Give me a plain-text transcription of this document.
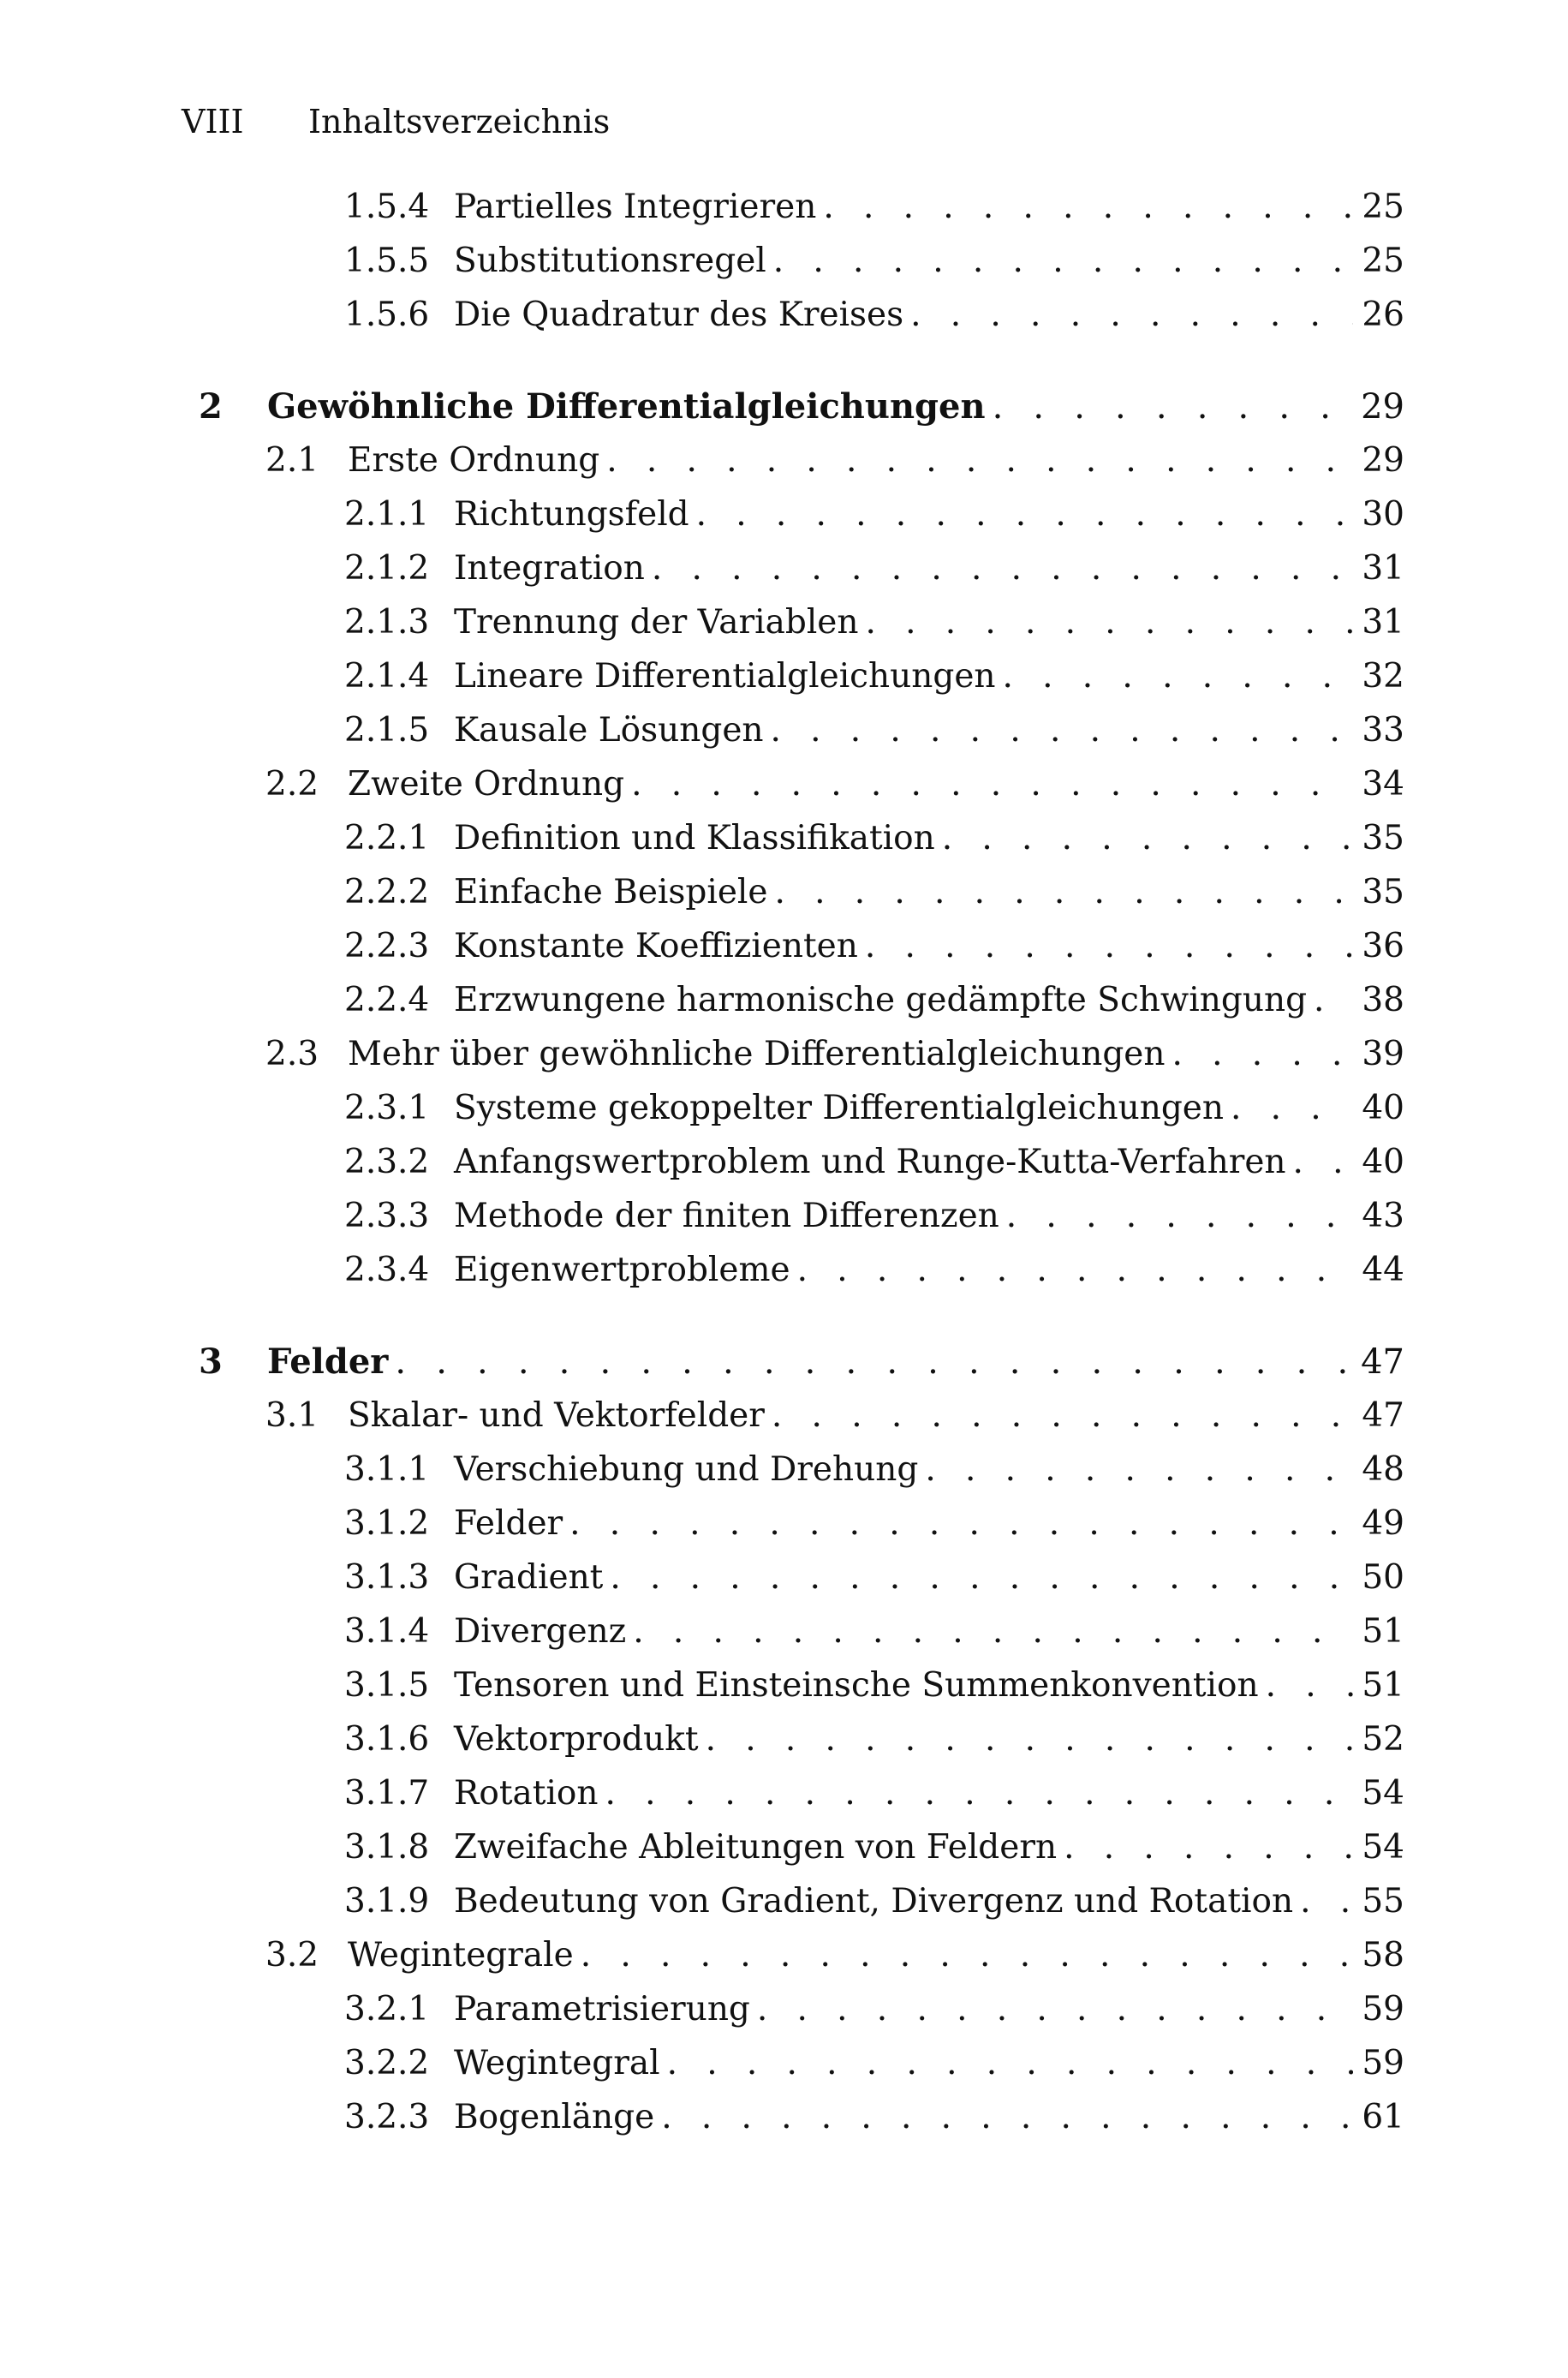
VIII Inhaltsverzeichnis
1.5.4 Partielles Integrieren . . .	25
1.5.5 Substitutionsregel . . .	25
1.5.6 Die Quadratur des Kreises . . .	26
2	Gewöhnliche Differentialgleichungen . . .	29
2.1 Erste Ordnung . . .	29
2.1.1 Richtungsfeld . . .	30
2.1.2 Integration . . .	31
2.1.3 Trennung der Variablen . . .	31
2.1.4 Lineare Differentialgleichungen . . .	32
2.1.5 Kausale Lösungen . . .	33
2.2 Zweite Ordnung . . .	34
2.2.1 Definition und Klassifikation . . .	35
2.2.2 Einfache Beispiele . . .	35
2.2.3 Konstante Koeffizienten . . .	36
2.2.4 Erzwungene harmonische gedämpfte Schwingung . . . 38
2.3 Mehr über gewöhnliche Differentialgleichungen . . .	39
2.3.1 Systeme gekoppelter Differentialgleichungen . . .	40
2.3.2 Anfangswertproblem und Runge-Kutta-Verfahren . . . 40
2.3.3 Methode der finiten Differenzen . . .	43
2.3.4 Eigenwertprobleme . . .	44
3	Felder . . .	47
3.1 Skalar- und Vektorfelder . . .	47
3.1.1 Verschiebung und Drehung . . .	48
3.1.2 Felder . . .	49
3.1.3 Gradient . . .	50
3.1.4 Divergenz . . .	51
3.1.5 Tensoren und Einsteinsche Summenkonvention . . .	51
3.1.6 Vektorprodukt . . .	52
3.1.7 Rotation . . .	54
3.1.8 Zweifache Ableitungen von Feldern . . .	54
3.1.9 Bedeutung von Gradient, Divergenz und Rotation . . . 55
3.2 Wegintegrale . . .	58
3.2.1 Parametrisierung . . .	59
3.2.2 Wegintegral . . .	59
3.2.3 Bogenlänge . . .	61
